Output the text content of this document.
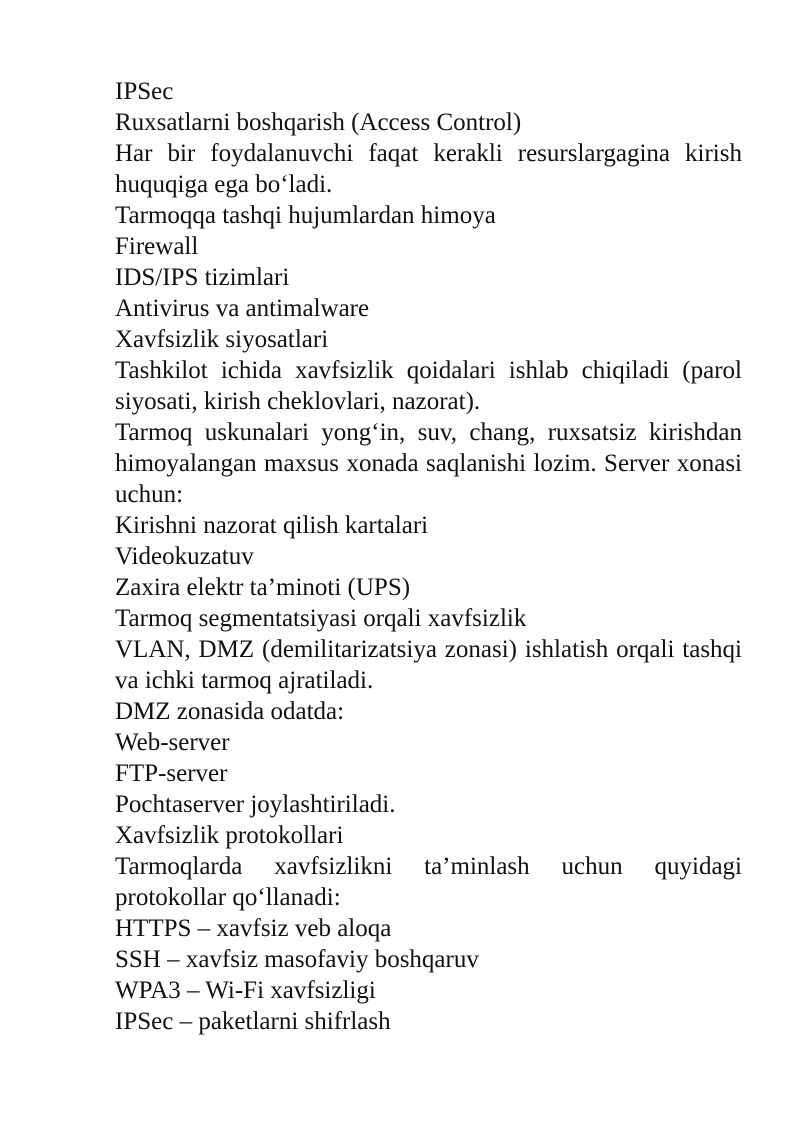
IPSec

Ruxsatlarni boshqarish (Access Control)

Har bir foydalanuvchi faqat kerakli resurslargagina kirish huquqiga ega bo‘ladi.

Tarmoqqa tashqi hujumlardan himoya

Firewall

IDS/IPS tizimlari

Antivirus va antimalware

Xavfsizlik siyosatlari

Tashkilot ichida xavfsizlik qoidalari ishlab chiqiladi (parol siyosati, kirish cheklovlari, nazorat).

Tarmoq uskunalari yong‘in, suv, chang, ruxsatsiz kirishdan himoyalangan maxsus xonada saqlanishi lozim. Server xonasi uchun:

Kirishni nazorat qilish kartalari

Videokuzatuv

Zaxira elektr ta’minoti (UPS)

Tarmoq segmentatsiyasi orqali xavfsizlik

VLAN, DMZ (demilitarizatsiya zonasi) ishlatish orqali tashqi va ichki tarmoq ajratiladi.

DMZ zonasida odatda:

Web-server

FTP-server

Pochtaserver joylashtiriladi.

Xavfsizlik protokollari

Tarmoqlarda xavfsizlikni ta’minlash uchun quyidagi protokollar qo‘llanadi:

HTTPS – xavfsiz veb aloqa

SSH – xavfsiz masofaviy boshqaruv

WPA3 – Wi-Fi xavfsizligi

IPSec – paketlarni shifrlash
